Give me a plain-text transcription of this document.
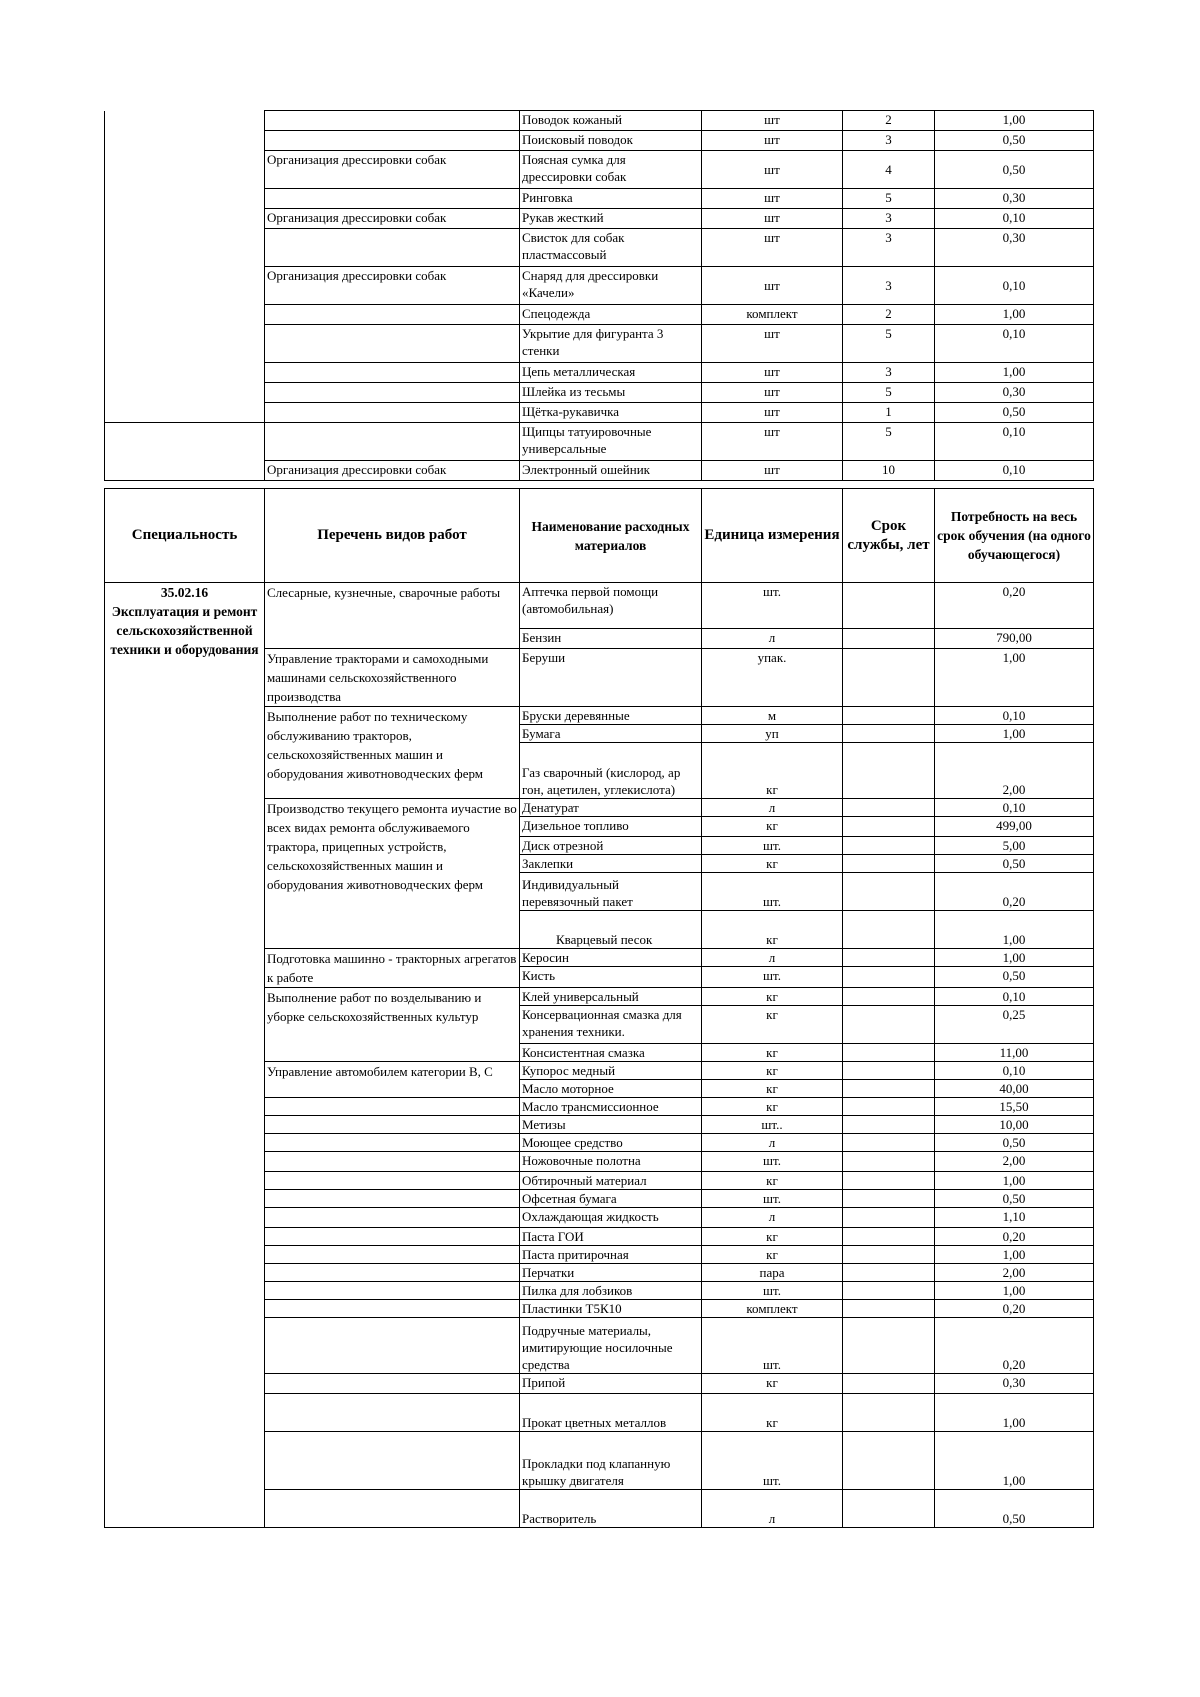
		Поводок кожаный	шт	2	1,00
		Поисковый поводок	шт	3	0,50
	Организация дрессировки собак	Поясная сумка для дрессировки собак	шт	4	0,50
		Ринговка	шт	5	0,30
	Организация дрессировки собак	Рукав жесткий	шт	3	0,10
		Свисток для собак пластмассовый	шт	3	0,30
	Организация дрессировки собак	Снаряд для дрессировки «Качели»	шт	3	0,10
		Спецодежда	комплект	2	1,00
		Укрытие для фигуранта 3 стенки	шт	5	0,10
		Цепь металлическая	шт	3	1,00
		Шлейка из тесьмы	шт	5	0,30
		Щётка-рукавичка	шт	1	0,50
		Щипцы татуировочные универсальные	шт	5	0,10
	Организация дрессировки собак	Электронный ошейник	шт	10	0,10
Специальность	Перечень видов работ	Наименование расходных материалов	Единица измерения	Срок службы, лет	Потребность на весь срок обучения (на одного обучающегося)

35.02.16
Эксплуатация и ремонт сельскохозяйственной техники и оборудования	Слесарные, кузнечные, сварочные работы	Аптечка первой помощи (автомобильная)	шт.		0,20
		Бензин	л		790,00
	Управление тракторами и самоходными машинами сельскохозяйственного производства	Беруши	упак.		1,00
	Выполнение работ по техническому обслуживанию тракторов, сельскохозяйственных машин и оборудования животноводческих ферм	Бруски деревянные	м		0,10
		Бумага	уп		1,00
		Газ сварочный (кислород, ар гон, ацетилен, углекислота)	кг		2,00
	Производство текущего ремонта иучастие во всех видах ремонта обслуживаемого трактора, прицепных устройств, сельскохозяйственных машин и оборудования животноводческих ферм	Денатурат	л		0,10
		Дизельное топливо	кг		499,00
		Диск отрезной	шт.		5,00
		Заклепки	кг		0,50
		Индивидуальный перевязочный пакет	шт.		0,20
		Кварцевый песок	кг		1,00
	Подготовка машинно - тракторных агрегатов к работе	Керосин	л		1,00
		Кисть	шт.		0,50
	Выполнение работ по возделыванию и уборке сельскохозяйственных культур	Клей универсальный	кг		0,10
		Консервационная смазка для хранения техники.	кг		0,25
		Консистентная смазка	кг		11,00
	Управление автомобилем категории B, C	Купорос медный	кг		0,10
		Масло моторное	кг		40,00
		Масло трансмиссионное	кг		15,50
		Метизы	шт..		10,00
		Моющее средство	л		0,50
		Ножовочные полотна	шт.		2,00
		Обтирочный материал	кг		1,00
		Офсетная бумага	шт.		0,50
		Охлаждающая жидкость	л		1,10
		Паста ГОИ	кг		0,20
		Паста притирочная	кг		1,00
		Перчатки	пара		2,00
		Пилка для лобзиков	шт.		1,00
		Пластинки Т5К10	комплект		0,20
		Подручные материалы, имитирующие носилочные средства	шт.		0,20
		Припой	кг		0,30
		Прокат цветных металлов	кг		1,00
		Прокладки под клапанную крышку двигателя	шт.		1,00
		Растворитель	л		0,50
